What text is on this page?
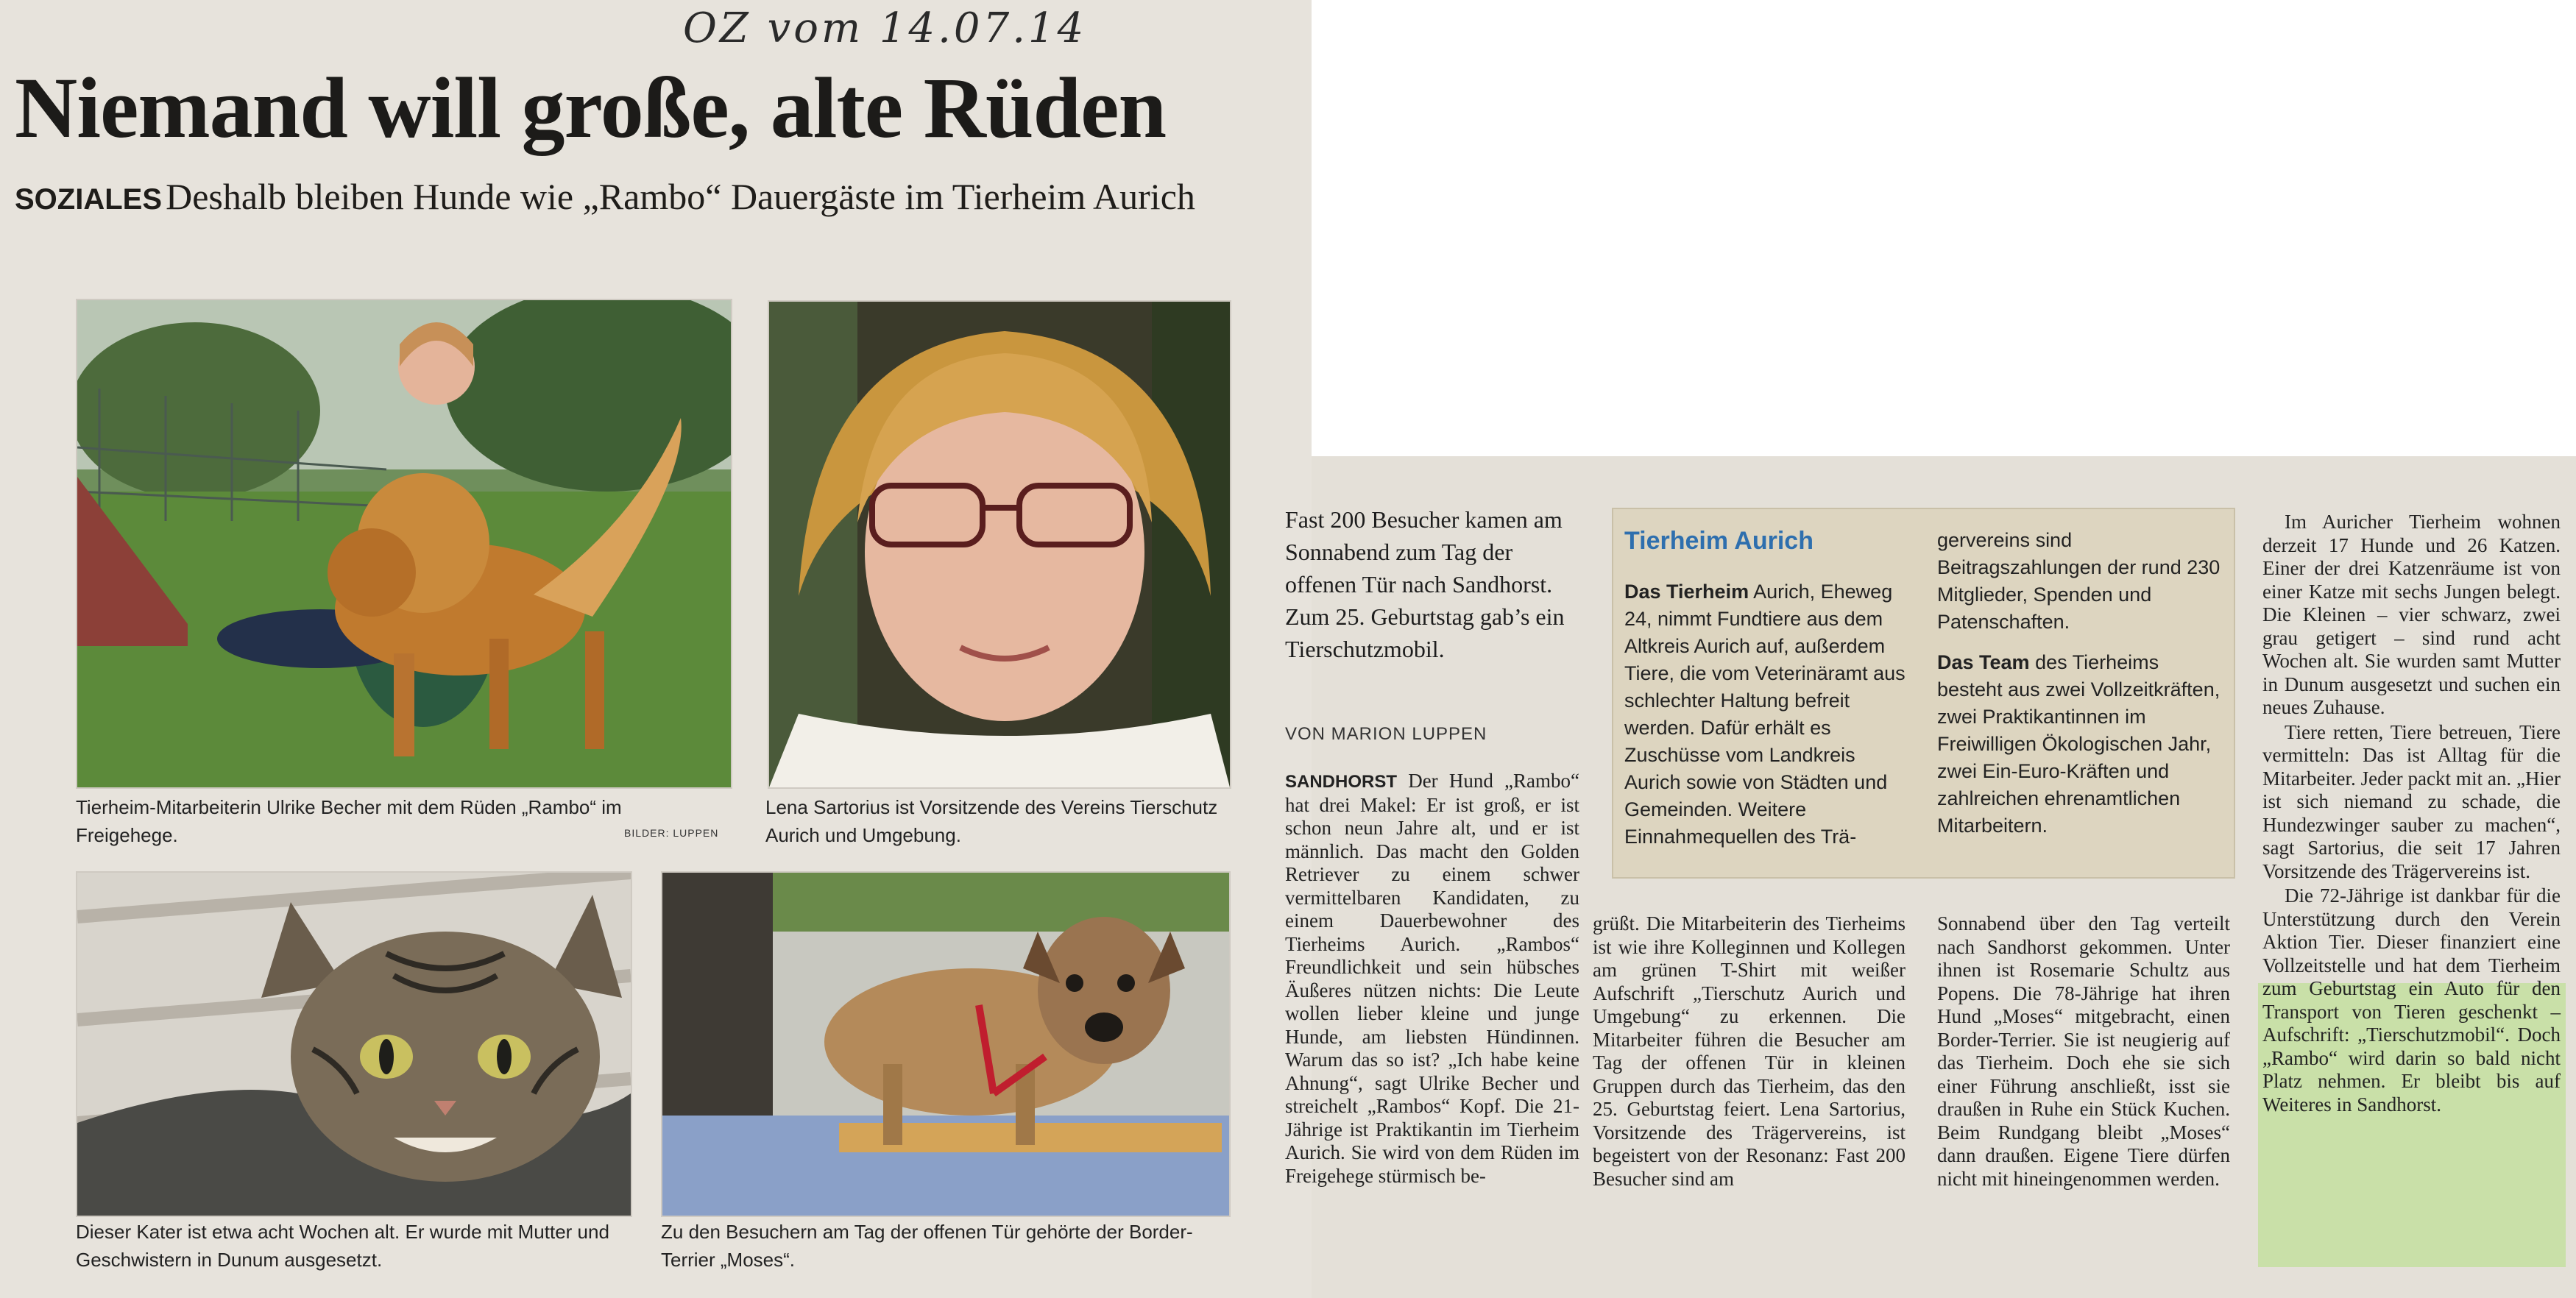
OZ vom 14.07.14
Niemand will große, alte Rüden
SOZIALES Deshalb bleiben Hunde wie „Rambo“ Dauergäste im Tierheim Aurich
Tierheim-Mitarbeiterin Ulrike Becher mit dem Rüden „Rambo“ im Freigehege.	BILDER: LUPPEN
Lena Sartorius ist Vorsitzende des Vereins Tierschutz Aurich und Umgebung.
Dieser Kater ist etwa acht Wochen alt. Er wurde mit Mutter und Geschwistern in Dunum ausgesetzt.
Zu den Besuchern am Tag der offenen Tür gehörte der Border-Terrier „Moses“.
Fast 200 Besucher kamen am Sonnabend zum Tag der offenen Tür nach Sandhorst. Zum 25. Geburtstag gab’s ein Tierschutzmobil.
VON MARION LUPPEN
SANDHORST Der Hund „Rambo“ hat drei Makel: Er ist groß, er ist schon neun Jahre alt, und er ist männlich. Das macht den Golden Retriever zu einem schwer vermittelbaren Kandidaten, zu einem Dauerbewohner des Tierheims Aurich. „Rambos“ Freundlichkeit und sein hübsches Äußeres nützen nichts: Die Leute wollen lieber kleine und junge Hunde, am liebsten Hündinnen. Warum das so ist? „Ich habe keine Ahnung“, sagt Ulrike Becher und streichelt „Rambos“ Kopf. Die 21-Jährige ist Praktikantin im Tierheim Aurich. Sie wird von dem Rüden im Freigehege stürmisch be-
Tierheim Aurich
Das Tierheim Aurich, Eheweg 24, nimmt Fundtiere aus dem Altkreis Aurich auf, außerdem Tiere, die vom Veterinäramt aus schlechter Haltung befreit werden. Dafür erhält es Zuschüsse vom Landkreis Aurich sowie von Städten und Gemeinden. Weitere Einnahmequellen des Trä-
gervereins sind Beitragszahlungen der rund 230 Mitglieder, Spenden und Patenschaften.
Das Team des Tierheims besteht aus zwei Vollzeitkräften, zwei Praktikantinnen im Freiwilligen Ökologischen Jahr, zwei Ein-Euro-Kräften und zahlreichen ehrenamtlichen Mitarbeitern.
grüßt. Die Mitarbeiterin des Tierheims ist wie ihre Kolleginnen und Kollegen am grünen T-Shirt mit weißer Aufschrift „Tierschutz Aurich und Umgebung“ zu erkennen. Die Mitarbeiter führen die Besucher am Tag der offenen Tür in kleinen Gruppen durch das Tierheim, das den 25. Geburtstag feiert. Lena Sartorius, Vorsitzende des Trägervereins, ist begeistert von der Resonanz: Fast 200 Besucher sind am
Sonnabend über den Tag verteilt nach Sandhorst gekommen. Unter ihnen ist Rosemarie Schultz aus Popens. Die 78-Jährige hat ihren Hund „Moses“ mitgebracht, einen Border-Terrier. Sie ist neugierig auf das Tierheim. Doch ehe sie sich einer Führung anschließt, isst sie draußen in Ruhe ein Stück Kuchen. Beim Rundgang bleibt „Moses“ dann draußen. Eigene Tiere dürfen nicht mit hineingenommen werden.
Im Auricher Tierheim wohnen derzeit 17 Hunde und 26 Katzen. Einer der drei Katzenräume ist von einer Katze mit sechs Jungen belegt. Die Kleinen – vier schwarz, zwei grau getigert – sind rund acht Wochen alt. Sie wurden samt Mutter in Dunum ausgesetzt und suchen ein neues Zuhause.
Tiere retten, Tiere betreuen, Tiere vermitteln: Das ist Alltag für die Mitarbeiter. Jeder packt mit an. „Hier ist sich niemand zu schade, die Hundezwinger sauber zu machen“, sagt Sartorius, die seit 17 Jahren Vorsitzende des Trägervereins ist.
Die 72-Jährige ist dankbar für die Unterstützung durch den Verein Aktion Tier. Dieser finanziert eine Vollzeitstelle und hat dem Tierheim zum Geburtstag ein Auto für den Transport von Tieren geschenkt – Aufschrift: „Tierschutzmobil“. Doch „Rambo“ wird darin so bald nicht Platz nehmen. Er bleibt bis auf Weiteres in Sandhorst.
